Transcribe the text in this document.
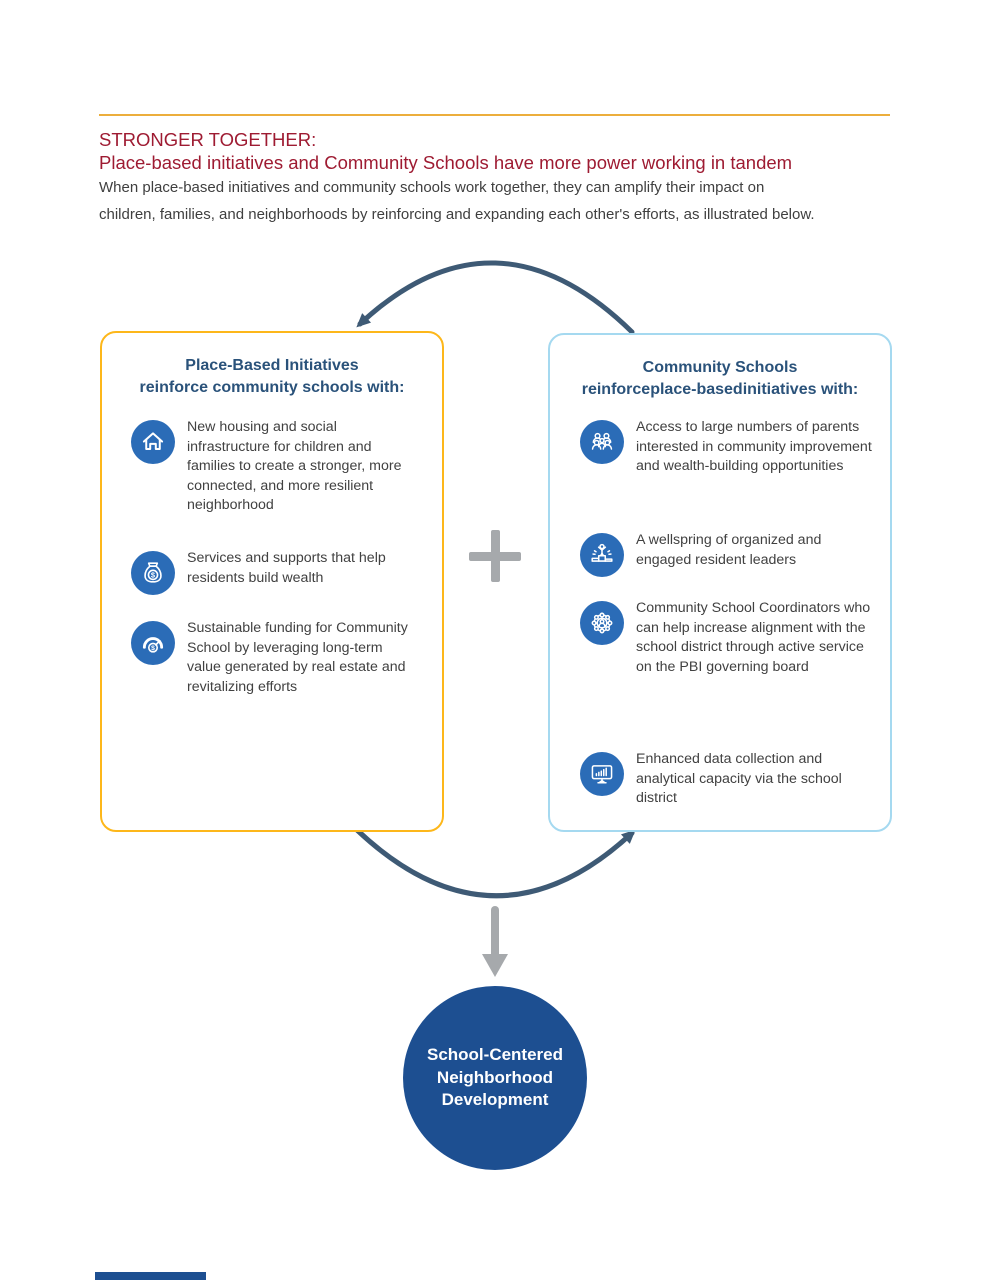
STRONGER TOGETHER:
Place-based initiatives and Community Schools have more power working in tandem
When place-based initiatives and community schools work together, they can amplify their impact on
children, families, and neighborhoods by reinforcing and expanding each other's efforts, as illustrated below.
Place-Based Initiatives
reinforce community schools with:
New housing and social infrastructure for children and families to create a stronger, more connected, and more resilient neighborhood
$
Services and supports that help residents build wealth
$
Sustainable funding for Community School by leveraging long-term value generated by real estate and revitalizing efforts
Community Schools
reinforceplace-basedinitiatives with:
Access to large numbers of parents interested in community improvement and wealth-building opportunities
A wellspring of organized and engaged resident leaders
Community School Coordinators who can help increase alignment with the school district through active service on the PBI governing board
Enhanced data collection and analytical capacity via the school district
School-Centered
Neighborhood
Development
